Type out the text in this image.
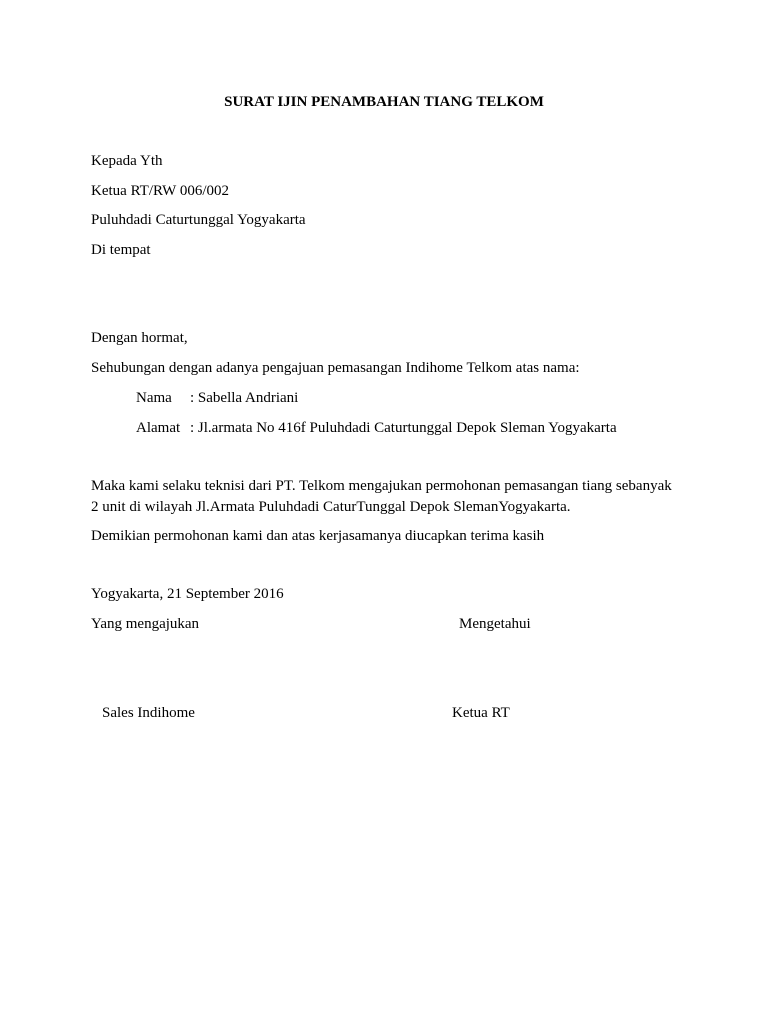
SURAT IJIN PENAMBAHAN TIANG TELKOM
Kepada Yth
Ketua RT/RW 006/002
Puluhdadi Caturtunggal Yogyakarta
Di tempat
Dengan hormat,
Sehubungan dengan adanya pengajuan pemasangan Indihome Telkom atas nama:
Nama : Sabella Andriani
Alamat : Jl.armata No 416f Puluhdadi Caturtunggal Depok Sleman Yogyakarta
Maka kami selaku teknisi dari PT. Telkom mengajukan permohonan pemasangan tiang sebanyak
2 unit di wilayah Jl.Armata Puluhdadi CaturTunggal Depok SlemanYogyakarta.
Demikian permohonan kami dan atas kerjasamanya diucapkan terima kasih
Yogyakarta, 21 September 2016
Yang mengajukan	Mengetahui
Sales Indihome	Ketua RT
